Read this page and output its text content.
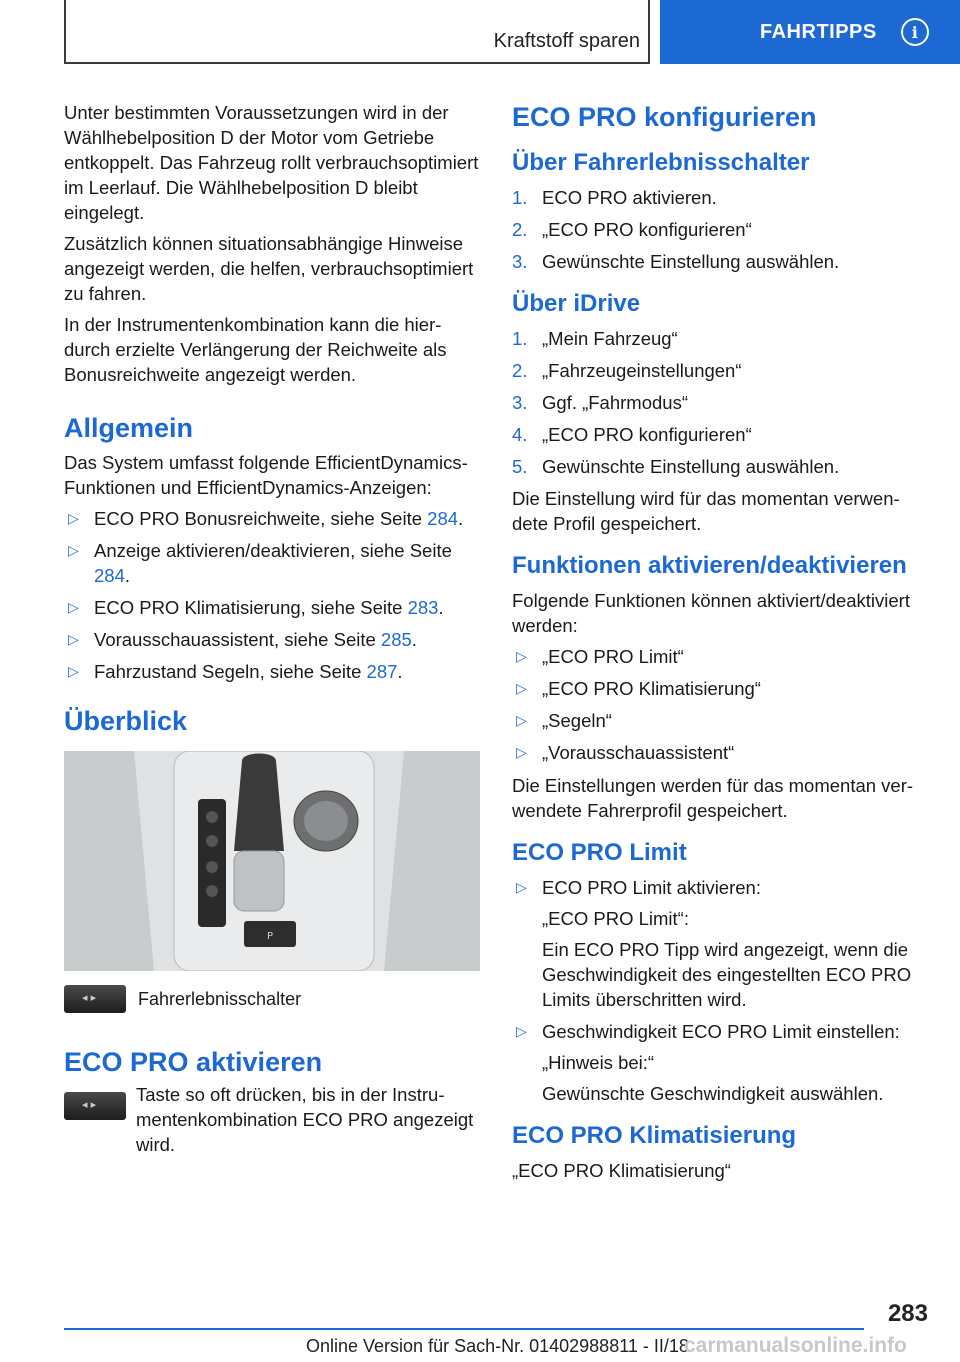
Kraftstoff sparen	FAHRTIPPS	i

Unter bestimmten Voraussetzungen wird in der Wählhebelposition D der Motor vom Getriebe entkoppelt. Das Fahrzeug rollt verbrauchsoptimiert im Leerlauf. Die Wählhebelposition D bleibt eingelegt.

Zusätzlich können situationsabhängige Hinweise angezeigt werden, die helfen, verbrauchsoptimiert zu fahren.

In der Instrumentenkombination kann die hierdurch erzielte Verlängerung der Reichweite als Bonusreichweite angezeigt werden.

Allgemein

Das System umfasst folgende EfficientDynamics-Funktionen und EfficientDynamics-Anzeigen:

▷ ECO PRO Bonusreichweite, siehe Seite 284.
▷ Anzeige aktivieren/deaktivieren, siehe Seite 284.
▷ ECO PRO Klimatisierung, siehe Seite 283.
▷ Vorausschauassistent, siehe Seite 285.
▷ Fahrzustand Segeln, siehe Seite 287.
Überblick
P
◂ ▸
Fahrerlebnisschalter
ECO PRO aktivieren
◂ ▸

Taste so oft drücken, bis in der Instrumentenkombination ECO PRO angezeigt wird.

ECO PRO konfigurieren
Über Fahrerlebnisschalter
1. ECO PRO aktivieren.
2. „ECO PRO konfigurieren“
3. Gewünschte Einstellung auswählen.
Über iDrive
1. „Mein Fahrzeug“
2. „Fahrzeugeinstellungen“
3. Ggf. „Fahrmodus“
4. „ECO PRO konfigurieren“
5. Gewünschte Einstellung auswählen.

Die Einstellung wird für das momentan verwendete Profil gespeichert.

Funktionen aktivieren/deaktivieren

Folgende Funktionen können aktiviert/deaktiviert werden:

▷ „ECO PRO Limit“
▷ „ECO PRO Klimatisierung“
▷ „Segeln“
▷ „Vorausschauassistent“

Die Einstellungen werden für das momentan verwendete Fahrerprofil gespeichert.

ECO PRO Limit
▷ ECO PRO Limit aktivieren:
„ECO PRO Limit“:
Ein ECO PRO Tipp wird angezeigt, wenn die Geschwindigkeit des eingestellten ECO PRO Limits überschritten wird.
▷ Geschwindigkeit ECO PRO Limit einstellen:
„Hinweis bei:“
Gewünschte Geschwindigkeit auswählen.
ECO PRO Klimatisierung

„ECO PRO Klimatisierung“

283
Online Version für Sach-Nr. 01402988811 - II/18
carmanualsonline.info
